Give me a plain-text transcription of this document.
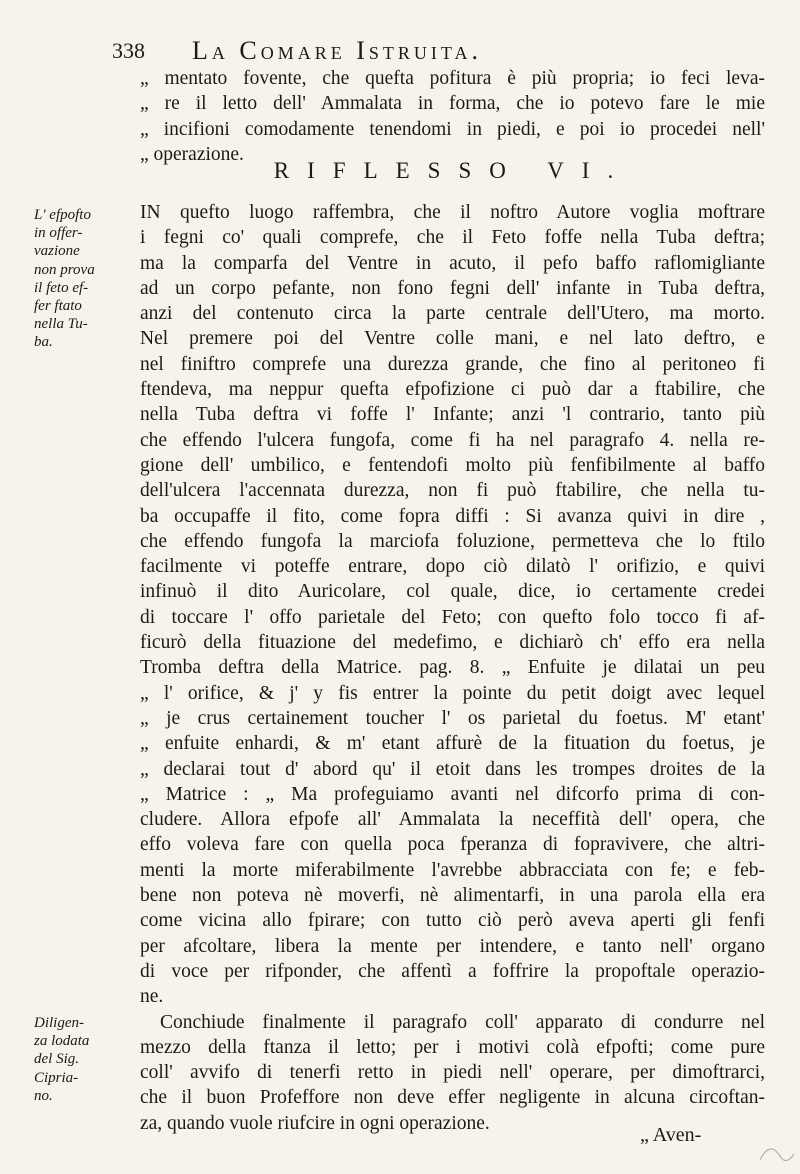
338 La Comare Istruita.
„ mentato fovente, che quefta pofitura è più propria; io feci leva-
„ re il letto dell' Ammalata in forma, che io potevo fare le mie
„ incifioni comodamente tenendomi in piedi, e poi io procedei nell'
„ operazione.
RIFLESSO VI.
IN quefto luogo raffembra, che il noftro Autore voglia moftrare
i fegni co' quali comprefe, che il Feto foffe nella Tuba deftra;
ma la comparfa del Ventre in acuto, il pefo baffo raflomigliante
ad un corpo pefante, non fono fegni dell' infante in Tuba deftra,
anzi del contenuto circa la parte centrale dell'Utero, ma morto.
Nel premere poi del Ventre colle mani, e nel lato deftro, e
nel finiftro comprefe una durezza grande, che fino al peritoneo fi
ftendeva, ma neppur quefta efpofizione ci può dar a ftabilire, che
nella Tuba deftra vi foffe l' Infante; anzi 'l contrario, tanto più
che effendo l'ulcera fungofa, come fi ha nel paragrafo 4. nella re-
gione dell' umbilico, e fentendofi molto più fenfibilmente al baffo
dell'ulcera l'accennata durezza, non fi può ftabilire, che nella tu-
ba occupaffe il fito, come fopra diffi : Si avanza quivi in dire ,
che effendo fungofa la marciofa foluzione, permetteva che lo ftilo
facilmente vi poteffe entrare, dopo ciò dilatò l' orifizio, e quivi
infinuò il dito Auricolare, col quale, dice, io certamente credei
di toccare l' offo parietale del Feto; con quefto folo tocco fi af-
ficurò della fituazione del medefimo, e dichiarò ch' effo era nella
Tromba deftra della Matrice. pag. 8. „ Enfuite je dilatai un peu
„ l' orifice, & j' y fis entrer la pointe du petit doigt avec lequel
„ je crus certainement toucher l' os parietal du foetus. M' etant'
„ enfuite enhardi, & m' etant affurè de la fituation du foetus, je
„ declarai tout d' abord qu' il etoit dans les trompes droites de la
„ Matrice : „ Ma profeguiamo avanti nel difcorfo prima di con-
cludere. Allora efpofe all' Ammalata la neceffità dell' opera, che
effo voleva fare con quella poca fperanza di fopravivere, che altri-
menti la morte miferabilmente l'avrebbe abbracciata con fe; e feb-
bene non poteva nè moverfi, nè alimentarfi, in una parola ella era
come vicina allo fpirare; con tutto ciò però aveva aperti gli fenfi
per afcoltare, libera la mente per intendere, e tanto nell' organo
di voce per rifponder, che affentì a foffrire la propoftale operazio-
ne.
Conchiude finalmente il paragrafo coll' apparato di condurre nel
mezzo della ftanza il letto; per i motivi colà efpofti; come pure
coll' avvifo di tenerfi retto in piedi nell' operare, per dimoftrarci,
che il buon Profeffore non deve effer negligente in alcuna circoftan-
za, quando vuole riufcire in ogni operazione.
L' efpofto
in offer-
vazione
non prova
il feto ef-
fer ftato
nella Tu-
ba.
Diligen-
za lodata
del Sig.
Cipria-
no.
„ Aven-
